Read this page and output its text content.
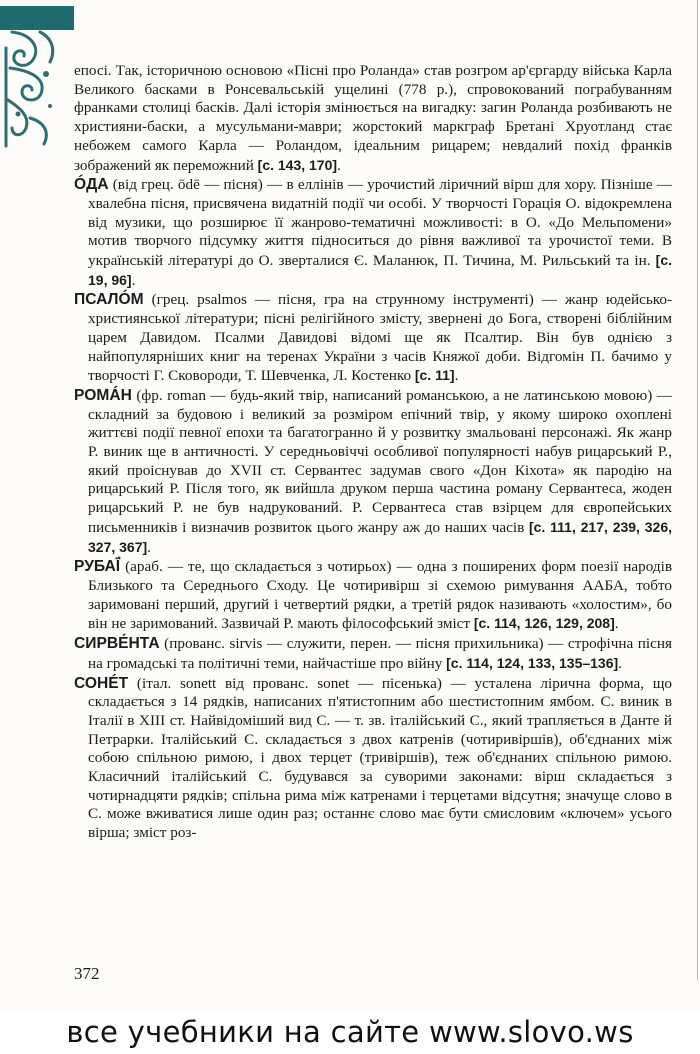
епосі. Так, історичною основою «Пісні про Роланда» став розгром ар'єргарду війська Карла Великого басками в Ронсевальській ущелині (778 р.), спровокований пограбуванням франками столиці басків. Далі історія змінюється на вигадку: загин Роланда розбивають не християни-баски, а мусульмани-маври; жорстокий маркграф Бретані Хруотланд стає небожем самого Карла — Роландом, ідеальним рицарем; невдалий похід франків зображений як переможний [с. 143, 170].

ÓДА (від грец. ōdē — пісня) — в еллінів — урочистий ліричний вірш для хору. Пізніше — хвалебна пісня, присвячена видатній події чи особі. У творчості Горація О. відокремлена від музики, що розширює її жанрово-тематичні можливості: в О. «До Мельпомени» мотив творчого підсумку життя підноситься до рівня важливої та урочистої теми. В українській літературі до О. зверталися Є. Маланюк, П. Тичина, М. Рильський та ін. [с. 19, 96].

ПСАЛÓМ (грец. psalmos — пісня, гра на струнному інструменті) — жанр юдейсько-християнської літератури; пісні релігійного змісту, звернені до Бога, створені біблійним царем Давидом. Псалми Давидові відомі ще як Псалтир. Він був однією з найпопулярніших книг на теренах України з часів Княжої доби. Відгомін П. бачимо у творчості Г. Сковороди, Т. Шевченка, Л. Костенко [с. 11].

РОМÁН (фр. roman — будь-який твір, написаний романською, а не латинською мовою) — складний за будовою і великий за розміром епічний твір, у якому широко охоплені життєві події певної епохи та багатогранно й у розвитку змальовані персонажі. Як жанр Р. виник ще в античності. У середньовіччі особливої популярності набув рицарський Р., який проіснував до XVII ст. Сервантес задумав свого «Дон Кіхота» як пародію на рицарський Р. Після того, як вийшла друком перша частина роману Сервантеса, жоден рицарський Р. не був надрукований. Р. Сервантеса став взірцем для європейських письменників і визначив розвиток цього жанру аж до наших часів [с. 111, 217, 239, 326, 327, 367].

РУБАЇ́ (араб. — те, що складається з чотирьох) — одна з поширених форм поезії народів Близького та Середнього Сходу. Це чотиривірш зі схемою римування ААБА, тобто заримовані перший, другий і четвертий рядки, а третій рядок називають «холостим», бо він не заримований. Зазвичай Р. мають філософський зміст [с. 114, 126, 129, 208].

СИРВЕ́НТА (прованс. sirvis — служити, перен. — пісня прихильника) — строфічна пісня на громадські та політичні теми, найчастіше про війну [с. 114, 124, 133, 135–136].

СОНÉТ (італ. sonett від прованс. sonet — пісенька) — усталена лірична форма, що складається з 14 рядків, написаних п'ятистопним або шестистопним ямбом. С. виник в Італії в XIII ст. Найвідоміший вид С. — т. зв. італійський С., який трапляється в Данте й Петрарки. Італійський С. складається з двох катренів (чотиривіршів), об'єднаних між собою спільною римою, і двох терцет (тривіршів), теж об'єднаних спільною римою. Класичний італійський С. будувався за суворими законами: вірш складається з чотирнадцяти рядків; спільна рима між катренами і терцетами відсутня; значуще слово в С. може вживатися лише один раз; останнє слово має бути смисловим «ключем» усього вірша; зміст роз-

372
все учебники на сайте www.slovo.ws
